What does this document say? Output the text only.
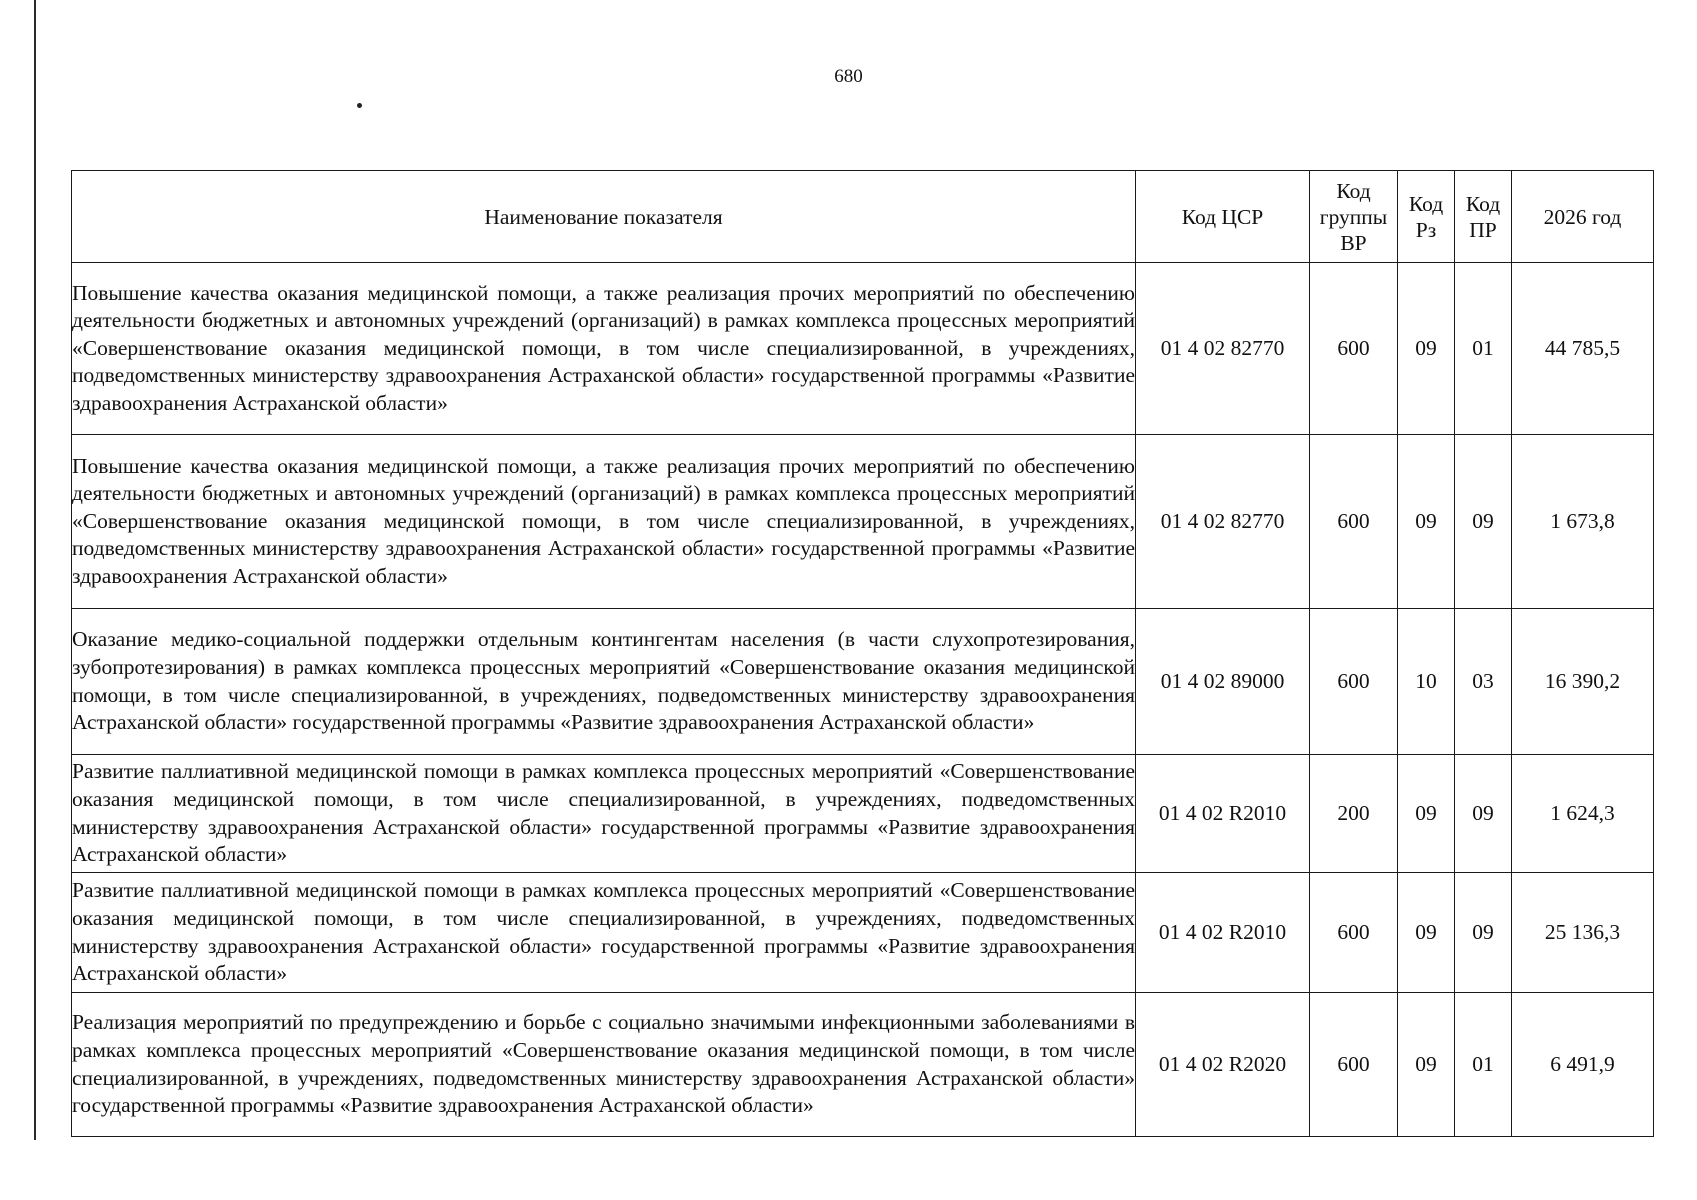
680
Наименование показателя	Код ЦСР	Код группы ВР	Код Рз	Код ПР	2026 год
Повышение качества оказания медицинской помощи, а также реализация прочих мероприятий по обеспечению деятельности бюджетных и автономных учреждений (организаций) в рамках комплекса процессных мероприятий «Совершенствование оказания медицинской помощи, в том числе специализированной, в учреждениях, подведомственных министерству здравоохранения Астраханской области» государственной программы «Развитие здравоохранения Астраханской области»	01 4 02 82770	600	09	01	44 785,5
Повышение качества оказания медицинской помощи, а также реализация прочих мероприятий по обеспечению деятельности бюджетных и автономных учреждений (организаций) в рамках комплекса процессных мероприятий «Совершенствование оказания медицинской помощи, в том числе специализированной, в учреждениях, подведомственных министерству здравоохранения Астраханской области» государственной программы «Развитие здравоохранения Астраханской области»	01 4 02 82770	600	09	09	1 673,8
Оказание медико-социальной поддержки отдельным контингентам населения (в части слухопротезирования, зубопротезирования) в рамках комплекса процессных мероприятий «Совершенствование оказания медицинской помощи, в том числе специализированной, в учреждениях, подведомственных министерству здравоохранения Астраханской области» государственной программы «Развитие здравоохранения Астраханской области»	01 4 02 89000	600	10	03	16 390,2
Развитие паллиативной медицинской помощи в рамках комплекса процессных мероприятий «Совершенствование оказания медицинской помощи, в том числе специализированной, в учреждениях, подведомственных министерству здравоохранения Астраханской области» государственной программы «Развитие здравоохранения Астраханской области»	01 4 02 R2010	200	09	09	1 624,3
Развитие паллиативной медицинской помощи в рамках комплекса процессных мероприятий «Совершенствование оказания медицинской помощи, в том числе специализированной, в учреждениях, подведомственных министерству здравоохранения Астраханской области» государственной программы «Развитие здравоохранения Астраханской области»	01 4 02 R2010	600	09	09	25 136,3
Реализация мероприятий по предупреждению и борьбе с социально значимыми инфекционными заболеваниями в рамках комплекса процессных мероприятий «Совершенствование оказания медицинской помощи, в том числе специализированной, в учреждениях, подведомственных министерству здравоохранения Астраханской области» государственной программы «Развитие здравоохранения Астраханской области»	01 4 02 R2020	600	09	01	6 491,9
